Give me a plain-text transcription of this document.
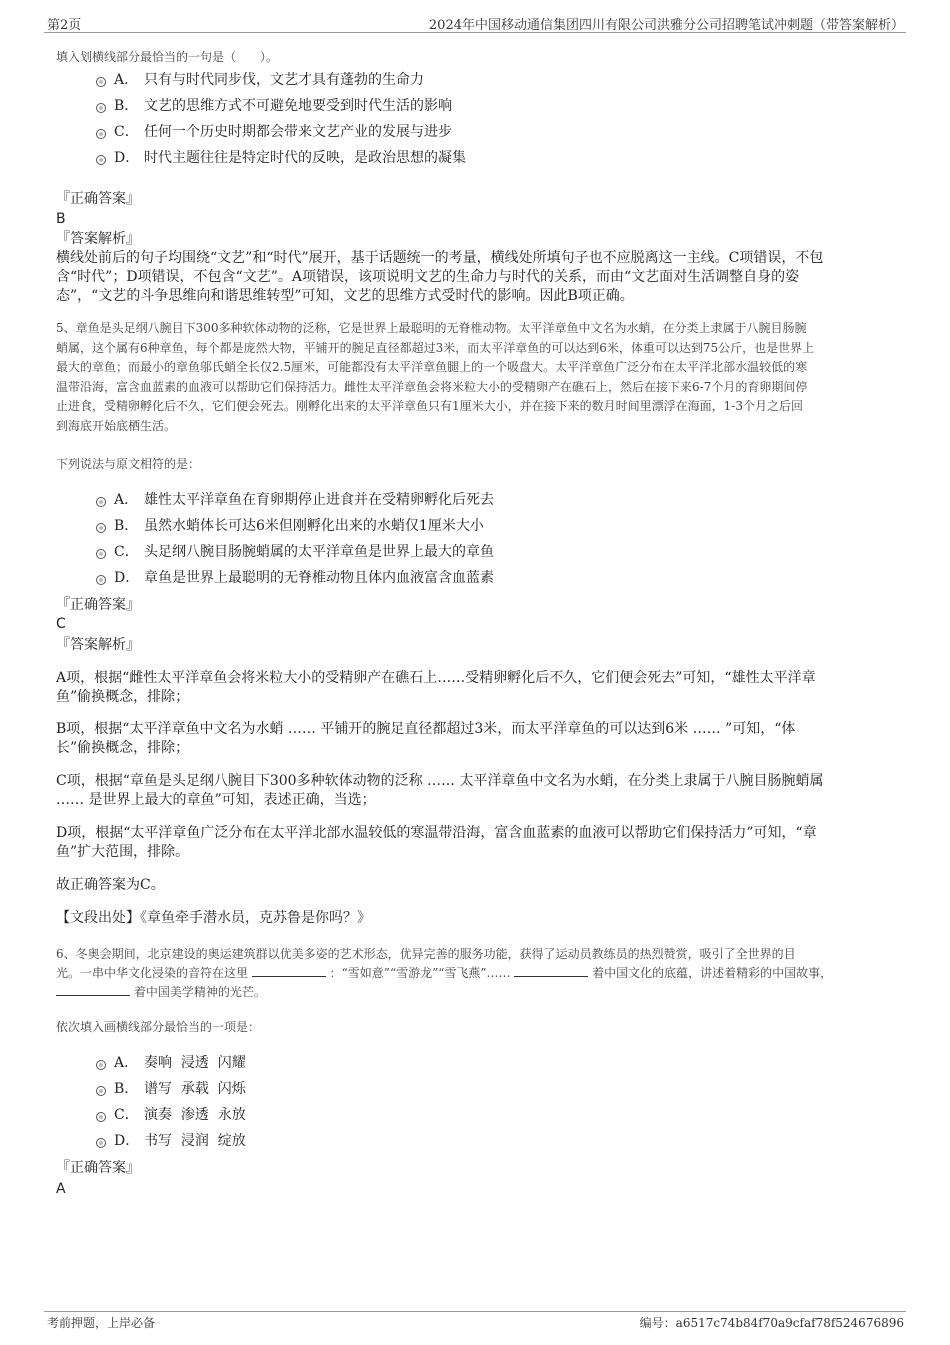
第2页	2024年中国移动通信集团四川有限公司洪雅分公司招聘笔试冲刺题（带答案解析）
填入划横线部分最恰当的一句是（　　）。
A． 只有与时代同步伐，文艺才具有蓬勃的生命力
B． 文艺的思维方式不可避免地要受到时代生活的影响
C． 任何一个历史时期都会带来文艺产业的发展与进步
D． 时代主题往往是特定时代的反映，是政治思想的凝集
『正确答案』
B
『答案解析』
横线处前后的句子均围绕“文艺”和“时代”展开，基于话题统一的考量，横线处所填句子也不应脱离这一主线。C项错误，不包
含“时代”；D项错误，不包含“文艺”。A项错误，该项说明文艺的生命力与时代的关系，而由“文艺面对生活调整自身的姿
态”，“文艺的斗争思维向和谐思维转型”可知，文艺的思维方式受时代的影响。因此B项正确。
5、章鱼是头足纲八腕目下300多种软体动物的泛称，它是世界上最聪明的无脊椎动物。太平洋章鱼中文名为水蛸，在分类上隶属于八腕目肠腕
蛸属，这个属有6种章鱼，每个都是庞然大物，平铺开的腕足直径都超过3米，而太平洋章鱼的可以达到6米，体重可以达到75公斤，也是世界上
最大的章鱼；而最小的章鱼邬氏蛸全长仅2.5厘米，可能都没有太平洋章鱼腿上的一个吸盘大。太平洋章鱼广泛分布在太平洋北部水温较低的寒
温带沿海，富含血蓝素的血液可以帮助它们保持活力。雌性太平洋章鱼会将米粒大小的受精卵产在礁石上，然后在接下来6-7个月的育卵期间停
止进食，受精卵孵化后不久，它们便会死去。刚孵化出来的太平洋章鱼只有1厘米大小，并在接下来的数月时间里漂浮在海面，1-3个月之后回
到海底开始底栖生活。
下列说法与原文相符的是：
A． 雄性太平洋章鱼在育卵期停止进食并在受精卵孵化后死去
B． 虽然水蛸体长可达6米但刚孵化出来的水蛸仅1厘米大小
C． 头足纲八腕目肠腕蛸属的太平洋章鱼是世界上最大的章鱼
D． 章鱼是世界上最聪明的无脊椎动物且体内血液富含血蓝素
『正确答案』
C
『答案解析』
A项，根据“雌性太平洋章鱼会将米粒大小的受精卵产在礁石上……受精卵孵化后不久，它们便会死去”可知，“雄性太平洋章
鱼”偷换概念，排除；
B项，根据“太平洋章鱼中文名为水蛸 …… 平铺开的腕足直径都超过3米，而太平洋章鱼的可以达到6米 …… ”可知，“体
长”偷换概念，排除；
C项，根据“章鱼是头足纲八腕目下300多种软体动物的泛称 …… 太平洋章鱼中文名为水蛸，在分类上隶属于八腕目肠腕蛸属
…… 是世界上最大的章鱼”可知，表述正确，当选；
D项，根据“太平洋章鱼广泛分布在太平洋北部水温较低的寒温带沿海，富含血蓝素的血液可以帮助它们保持活力”可知，“章
鱼”扩大范围，排除。
故正确答案为C。
【文段出处】《章鱼牵手潜水员，克苏鲁是你吗？》
6、冬奥会期间，北京建设的奥运建筑群以优美多姿的艺术形态，优异完善的服务功能，获得了运动员教练员的热烈赞赏，吸引了全世界的目
光。一串中华文化浸染的音符在这里	：“雪如意”“雪游龙”“雪飞燕”……	着中国文化的底蕴，讲述着精彩的中国故事，
着中国美学精神的光芒。
依次填入画横线部分最恰当的一项是：
A． 奏响  浸透  闪耀
B． 谱写  承载  闪烁
C． 演奏  渗透  永放
D． 书写  浸润  绽放
『正确答案』
A
考前押题，上岸必备	编号：a6517c74b84f70a9cfaf78f524676896
